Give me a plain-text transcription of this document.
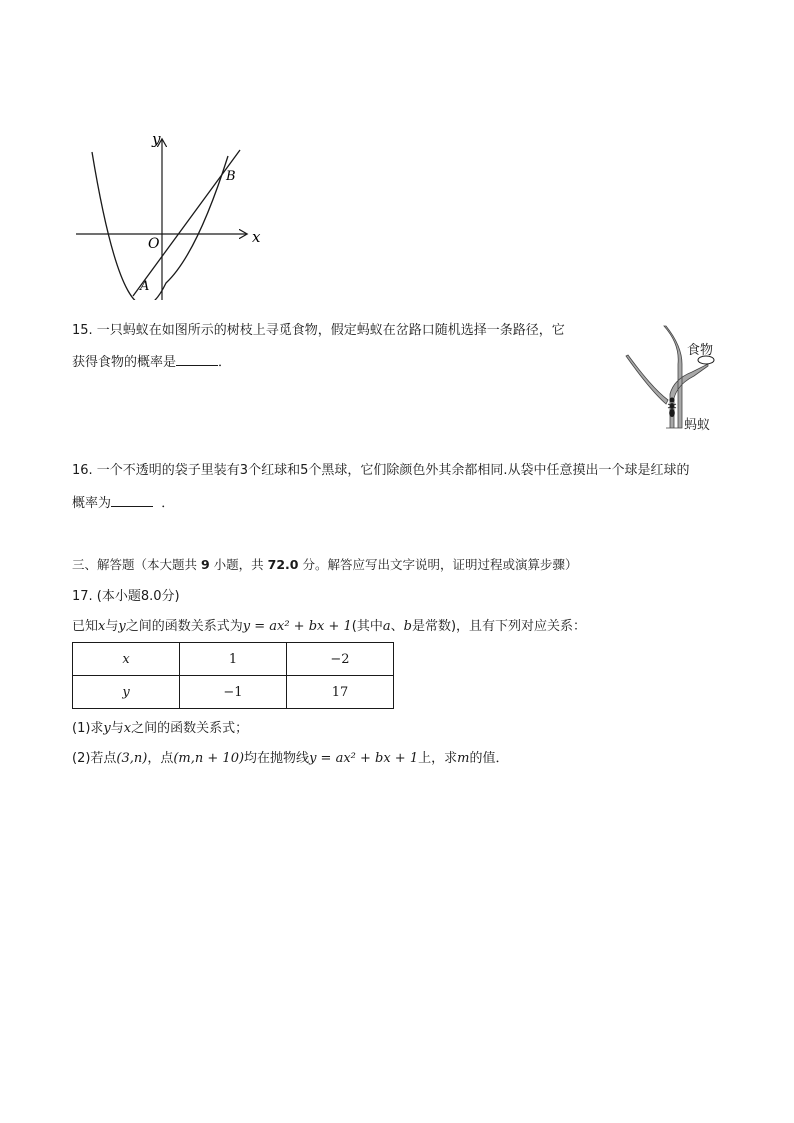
y
x
O
A
B
15. 一只蚂蚁在如图所示的树枝上寻觅食物，假定蚂蚁在岔路口随机选择一条路径，它
获得食物的概率是	．
食物
蚂蚁
16. 一个不透明的袋子里装有3个红球和5个黑球，它们除颜色外其余都相同.从袋中任意摸出一个球是红球的
概率为	．
三、解答题（本大题共 9 小题，共 72.0 分。解答应写出文字说明，证明过程或演算步骤）
17. (本小题8.0分)
已知x与y之间的函数关系式为y = ax² + bx + 1(其中a、b是常数)，且有下列对应关系：
x	1	−2
y	−1	17
(1)求y与x之间的函数关系式；
(2)若点(3,n)，点(m,n + 10)均在抛物线y = ax² + bx + 1上，求m的值．
